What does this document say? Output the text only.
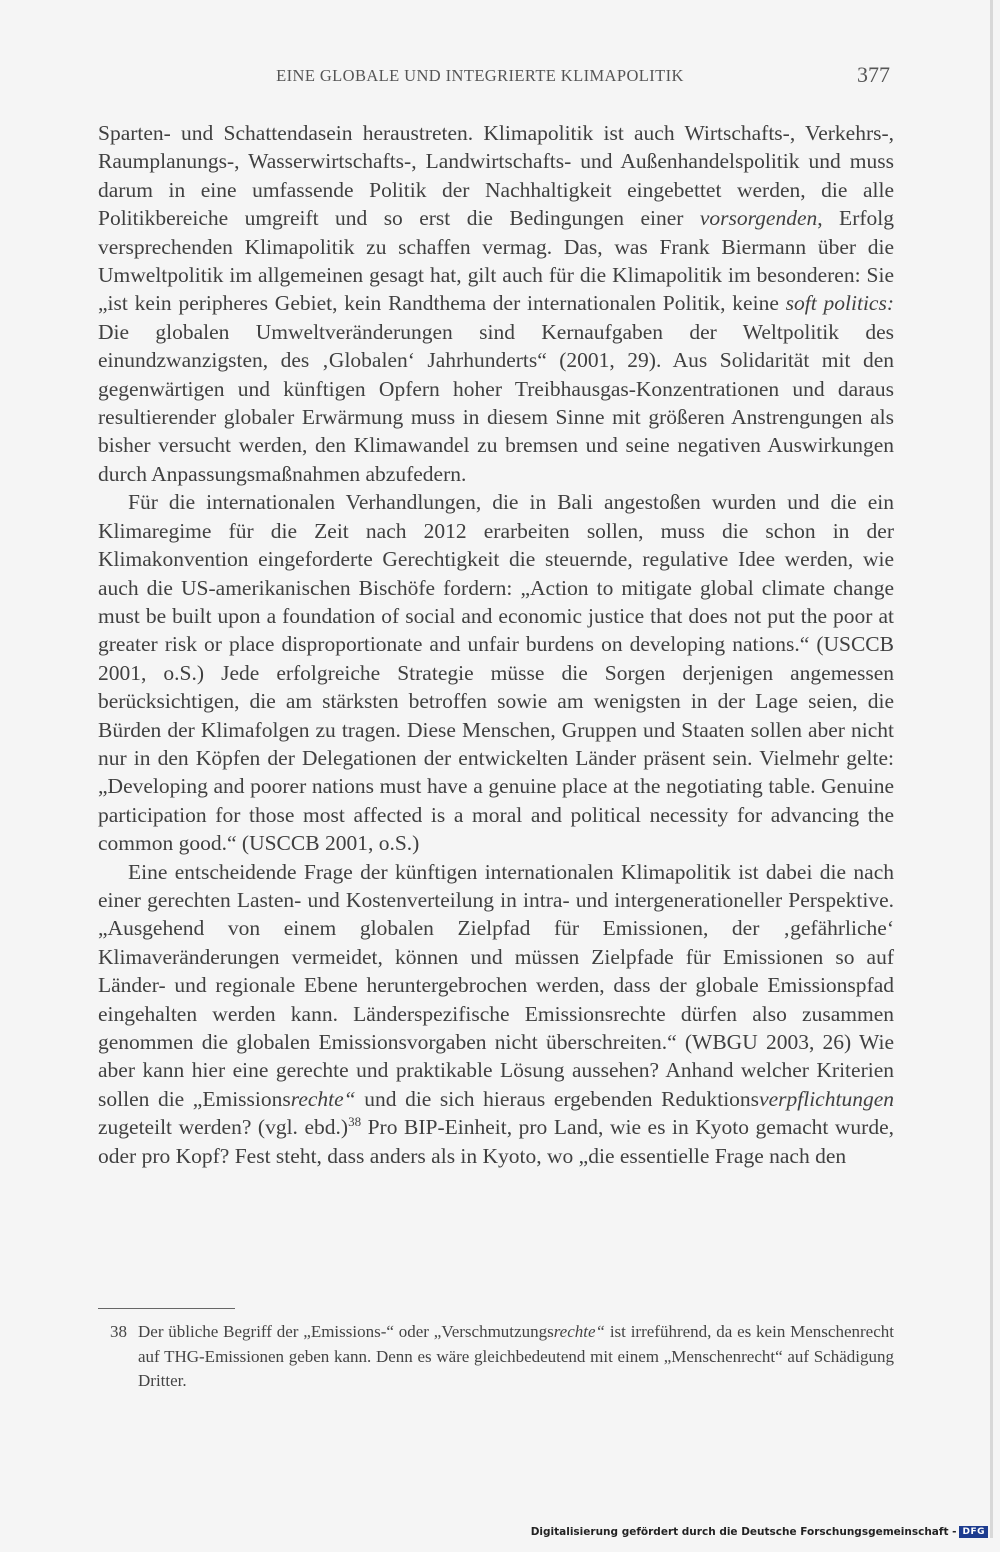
EINE GLOBALE UND INTEGRIERTE KLIMAPOLITIK	377

Sparten- und Schattendasein heraustreten. Klimapolitik ist auch Wirtschafts-, Verkehrs-, Raumplanungs-, Wasserwirtschafts-, Landwirtschafts- und Außenhandelspolitik und muss darum in eine umfassende Politik der Nachhaltigkeit eingebettet werden, die alle Politikbereiche umgreift und so erst die Bedingungen einer vorsorgenden, Erfolg versprechenden Klimapolitik zu schaffen vermag. Das, was Frank Biermann über die Umweltpolitik im allgemeinen gesagt hat, gilt auch für die Klimapolitik im besonderen: Sie „ist kein peripheres Gebiet, kein Randthema der internationalen Politik, keine soft politics: Die globalen Umweltveränderungen sind Kernaufgaben der Weltpolitik des einundzwanzigsten, des ‚Globalen‘ Jahrhunderts“ (2001, 29). Aus Solidarität mit den gegenwärtigen und künftigen Opfern hoher Treibhausgas-Konzentrationen und daraus resultierender globaler Erwärmung muss in diesem Sinne mit größeren Anstrengungen als bisher versucht werden, den Klimawandel zu bremsen und seine negativen Auswirkungen durch Anpassungsmaßnahmen abzufedern.

Für die internationalen Verhandlungen, die in Bali angestoßen wurden und die ein Klimaregime für die Zeit nach 2012 erarbeiten sollen, muss die schon in der Klimakonvention eingeforderte Gerechtigkeit die steuernde, regulative Idee werden, wie auch die US-amerikanischen Bischöfe fordern: „Action to mitigate global climate change must be built upon a foundation of social and economic justice that does not put the poor at greater risk or place disproportionate and unfair burdens on developing nations.“ (USCCB 2001, o.S.) Jede erfolgreiche Strategie müsse die Sorgen derjenigen angemessen berücksichtigen, die am stärksten betroffen sowie am wenigsten in der Lage seien, die Bürden der Klimafolgen zu tragen. Diese Menschen, Gruppen und Staaten sollen aber nicht nur in den Köpfen der Delegationen der entwickelten Länder präsent sein. Vielmehr gelte: „Developing and poorer nations must have a genuine place at the negotiating table. Genuine participation for those most affected is a moral and political necessity for advancing the common good.“ (USCCB 2001, o.S.)

Eine entscheidende Frage der künftigen internationalen Klimapolitik ist dabei die nach einer gerechten Lasten- und Kostenverteilung in intra- und intergenerationeller Perspektive. „Ausgehend von einem globalen Zielpfad für Emissionen, der ‚gefährliche‘ Klimaveränderungen vermeidet, können und müssen Zielpfade für Emissionen so auf Länder- und regionale Ebene heruntergebrochen werden, dass der globale Emissionspfad eingehalten werden kann. Länderspezifische Emissionsrechte dürfen also zusammen genommen die globalen Emissionsvorgaben nicht überschreiten.“ (WBGU 2003, 26) Wie aber kann hier eine gerechte und praktikable Lösung aussehen? Anhand welcher Kriterien sollen die „Emissionsrechte“ und die sich hieraus ergebenden Reduktionsverpflichtungen zugeteilt werden? (vgl. ebd.)$^{38}$ Pro BIP-Einheit, pro Land, wie es in Kyoto gemacht wurde, oder pro Kopf? Fest steht, dass anders als in Kyoto, wo „die essentielle Frage nach den

38 Der übliche Begriff der „Emissions-“ oder „Verschmutzungsrechte“ ist irreführend, da es kein Menschenrecht auf THG-Emissionen geben kann. Denn es wäre gleichbedeutend mit einem „Menschenrecht“ auf Schädigung Dritter.
Digitalisierung gefördert durch die Deutsche Forschungsgemeinschaft - DFG
